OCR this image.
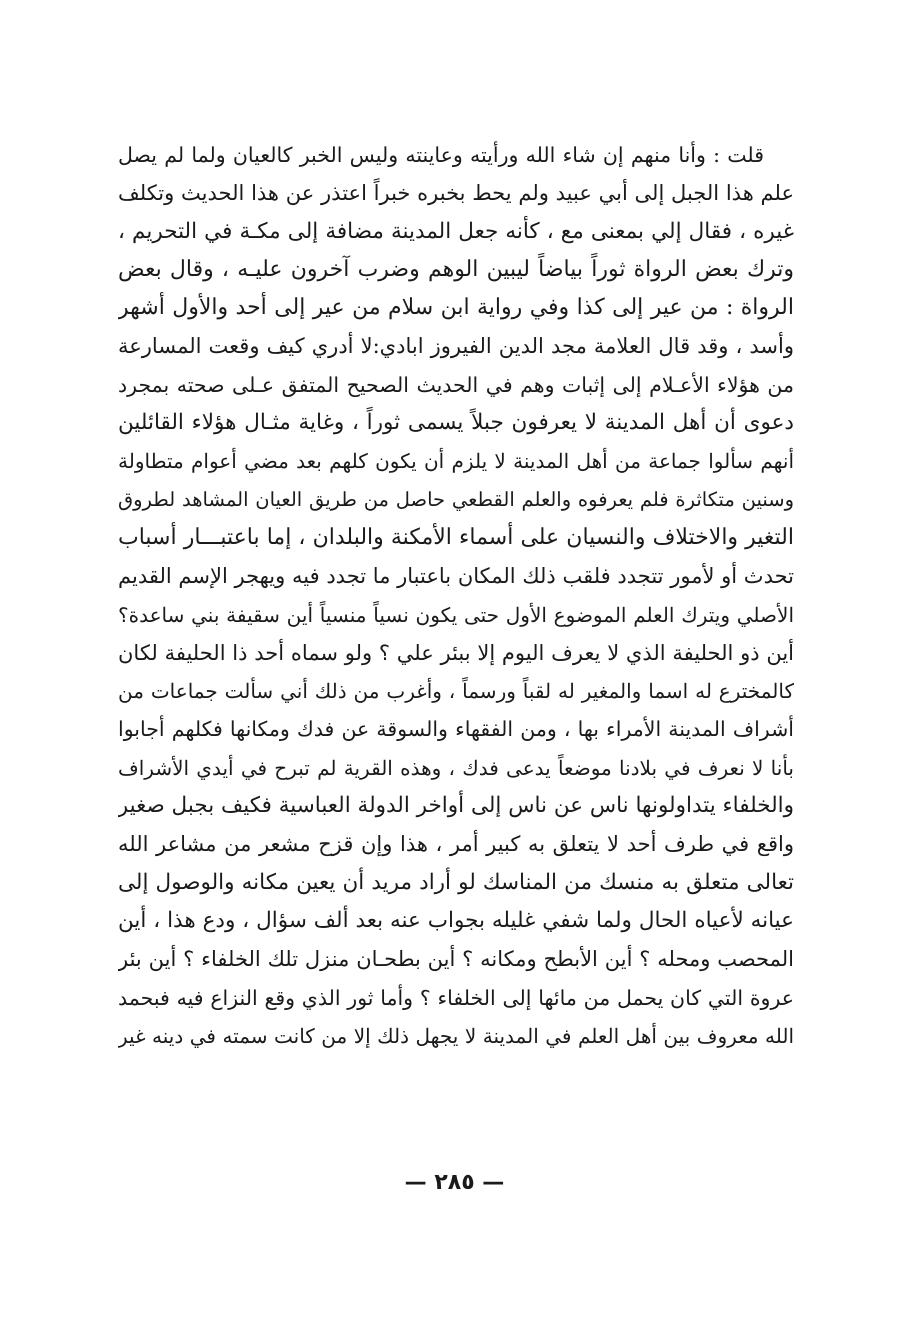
قلت : وأنا منهم إن شاء الله ورأيته وعاينته وليس الخبر كالعيان ولما لم يصل
علم هذا الجبل إلى أبي عبيد ولم يحط بخبره خبراً اعتذر عن هذا الحديث وتكلف
غيره ، فقال إلي بمعنى مع ، كأنه جعل المدينة مضافة إلى مكـة في التحريم ،
وترك بعض الرواة ثوراً بياضاً ليبين الوهم وضرب آخرون عليـه ، وقال بعض
الرواة : من عير إلى كذا وفي رواية ابن سلام من عير إلى أحد والأول أشهر
وأسد ، وقد قال العلامة مجد الدين الفيروز ابادي:لا أدري كيف وقعت المسارعة
من هؤلاء الأعـلام إلى إثبات وهم في الحديث الصحيح المتفق عـلى صحته بمجرد
دعوى أن أهل المدينة لا يعرفون جبلاً يسمى ثوراً ، وغاية مثـال هؤلاء القائلين
أنهم سألوا جماعة من أهل المدينة لا يلزم أن يكون كلهم بعد مضي أعوام متطاولة
وسنين متكاثرة فلم يعرفوه والعلم القطعي حاصل من طريق العيان المشاهد لطروق
التغير والاختلاف والنسيان على أسماء الأمكنة والبلدان ، إما باعتبـــار أسباب
تحدث أو لأمور تتجدد فلقب ذلك المكان باعتبار ما تجدد فيه ويهجر الإسم القديم
الأصلي ويترك العلم الموضوع الأول حتى يكون نسياً منسياً أين سقيفة بني ساعدة؟
أين ذو الحليفة الذي لا يعرف اليوم إلا ببئر علي ؟ ولو سماه أحد ذا الحليفة لكان
كالمخترع له اسما والمغير له لقباً ورسماً ، وأغرب من ذلك أني سألت جماعات من
أشراف المدينة الأمراء بها ، ومن الفقهاء والسوقة عن فدك ومكانها فكلهم أجابوا
بأنا لا نعرف في بلادنا موضعاً يدعى فدك ، وهذه القرية لم تبرح في أيدي الأشراف
والخلفاء يتداولونها ناس عن ناس إلى أواخر الدولة العباسية فكيف بجبل صغير
واقع في طرف أحد لا يتعلق به كبير أمر ، هذا وإن قزح مشعر من مشاعر الله
تعالى متعلق به منسك من المناسك لو أراد مريد أن يعين مكانه والوصول إلى
عيانه لأعياه الحال ولما شفي غليله بجواب عنه بعد ألف سؤال ، ودع هذا ، أين
المحصب ومحله ؟ أين الأبطح ومكانه ؟ أين بطحـان منزل تلك الخلفاء ؟ أين بئر
عروة التي كان يحمل من مائها إلى الخلفاء ؟ وأما ثور الذي وقع النزاع فيه فبحمد
الله معروف بين أهل العلم في المدينة لا يجهل ذلك إلا من كانت سمته في دينه غير
— ٢٨٥ —
